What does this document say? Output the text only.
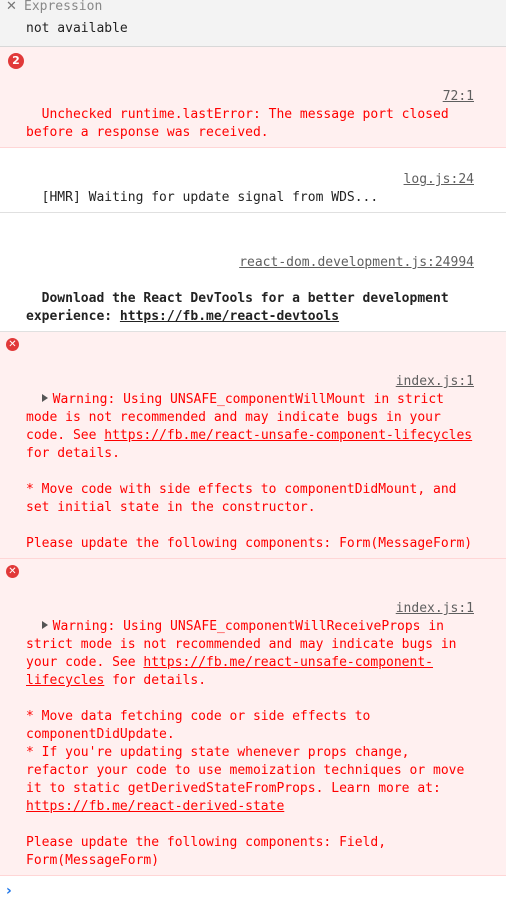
✕ Expression
not available

2

72:1

Unchecked runtime.lastError: The message port closed before a response was received.

log.js:24

[HMR] Waiting for update signal from WDS...

react-dom.development.js:24994

Download the React DevTools for a better development experience: https://fb.me/react-devtools

✕

index.js:1

Warning: Using UNSAFE_componentWillMount in strict mode is not recommended and may indicate bugs in your code. See https://fb.me/react-unsafe-component-lifecycles for details.

* Move code with side effects to componentDidMount, and set initial state in the constructor.

Please update the following components: Form(MessageForm)

✕

index.js:1

Warning: Using UNSAFE_componentWillReceiveProps in strict mode is not recommended and may indicate bugs in your code. See https://fb.me/react-unsafe-component-lifecycles for details.

* Move data fetching code or side effects to componentDidUpdate.
* If you're updating state whenever props change, refactor your code to use memoization techniques or move it to static getDerivedStateFromProps. Learn more at: https://fb.me/react-derived-state

Please update the following components: Field, Form(MessageForm)

›
